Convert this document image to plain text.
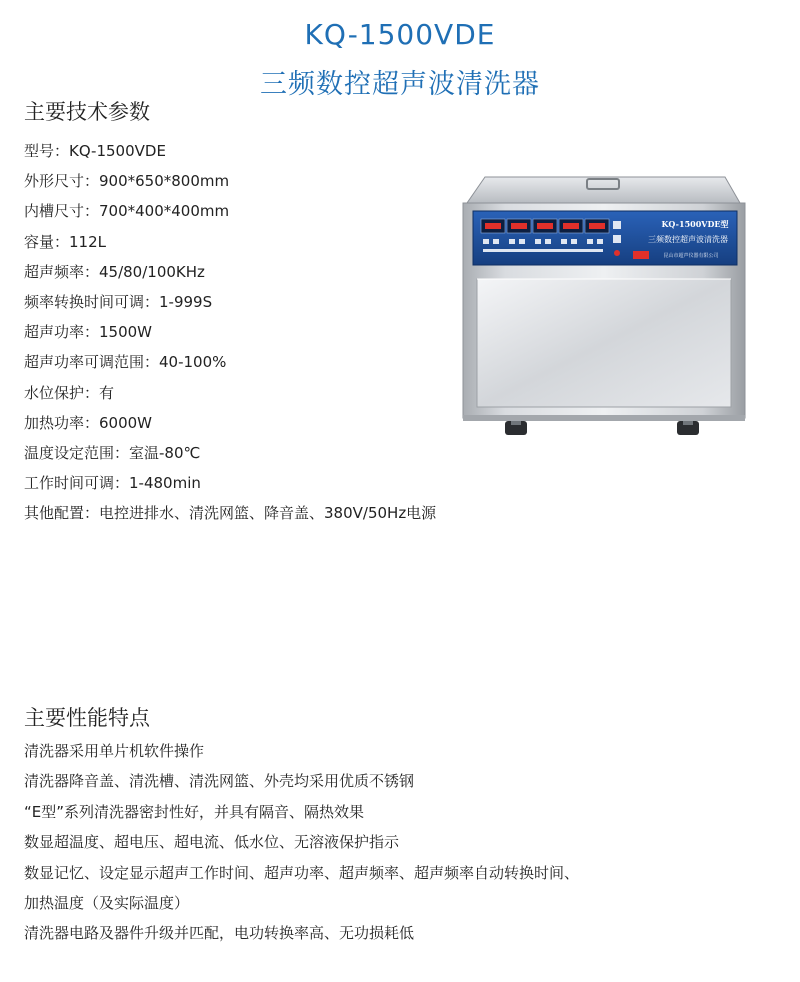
KQ-1500VDE
三频数控超声波清洗器
主要技术参数
型号：KQ-1500VDE
外形尺寸：900*650*800mm
内槽尺寸：700*400*400mm
容量：112L
超声频率：45/80/100KHz
频率转换时间可调：1-999S
超声功率：1500W
超声功率可调范围：40-100%
水位保护：有
加热功率：6000W
温度设定范围：室温-80℃
工作时间可调：1-480min
其他配置：电控进排水、清洗网篮、降音盖、380V/50Hz电源
KQ-1500VDE型
三频数控超声波清洗器
昆山市超声仪器有限公司
主要性能特点
清洗器采用单片机软件操作
清洗器降音盖、清洗槽、清洗网篮、外壳均采用优质不锈钢
“E型”系列清洗器密封性好，并具有隔音、隔热效果
数显超温度、超电压、超电流、低水位、无溶液保护指示
数显记忆、设定显示超声工作时间、超声功率、超声频率、超声频率自动转换时间、
加热温度（及实际温度）
清洗器电路及器件升级并匹配，电功转换率高、无功损耗低
